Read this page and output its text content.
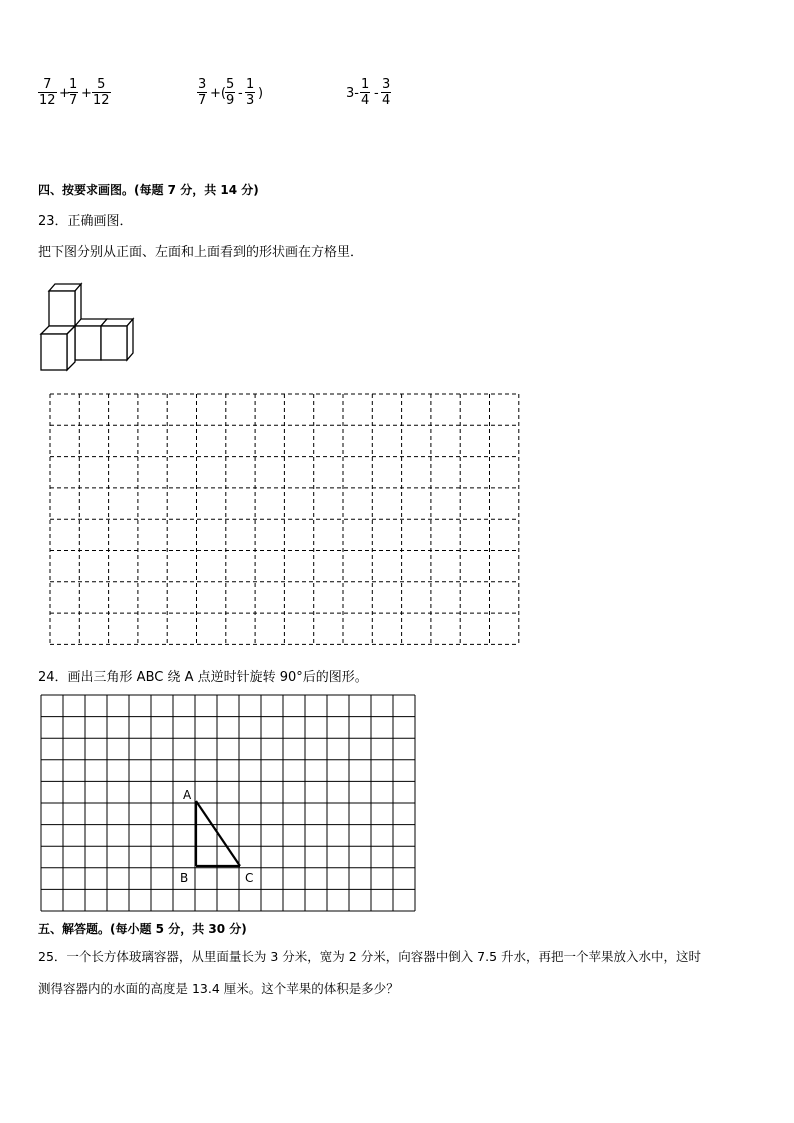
7
12 +
1
7 +
5
12
3
7 +(
5
9 -
1
3 )	3-
1
4 -
3
4
四、按要求画图。(每题 7 分，共 14 分)
23．正确画图．
把下图分别从正面、左面和上面看到的形状画在方格里．
24．画出三角形 ABC 绕 A 点逆时针旋转 90°后的图形。
A
B	C
五、解答题。(每小题 5 分，共 30 分)
25．一个长方体玻璃容器，从里面量长为 3 分米，宽为 2 分米，向容器中倒入 7.5 升水，再把一个苹果放入水中，这时
测得容器内的水面的高度是 13.4 厘米。这个苹果的体积是多少？
